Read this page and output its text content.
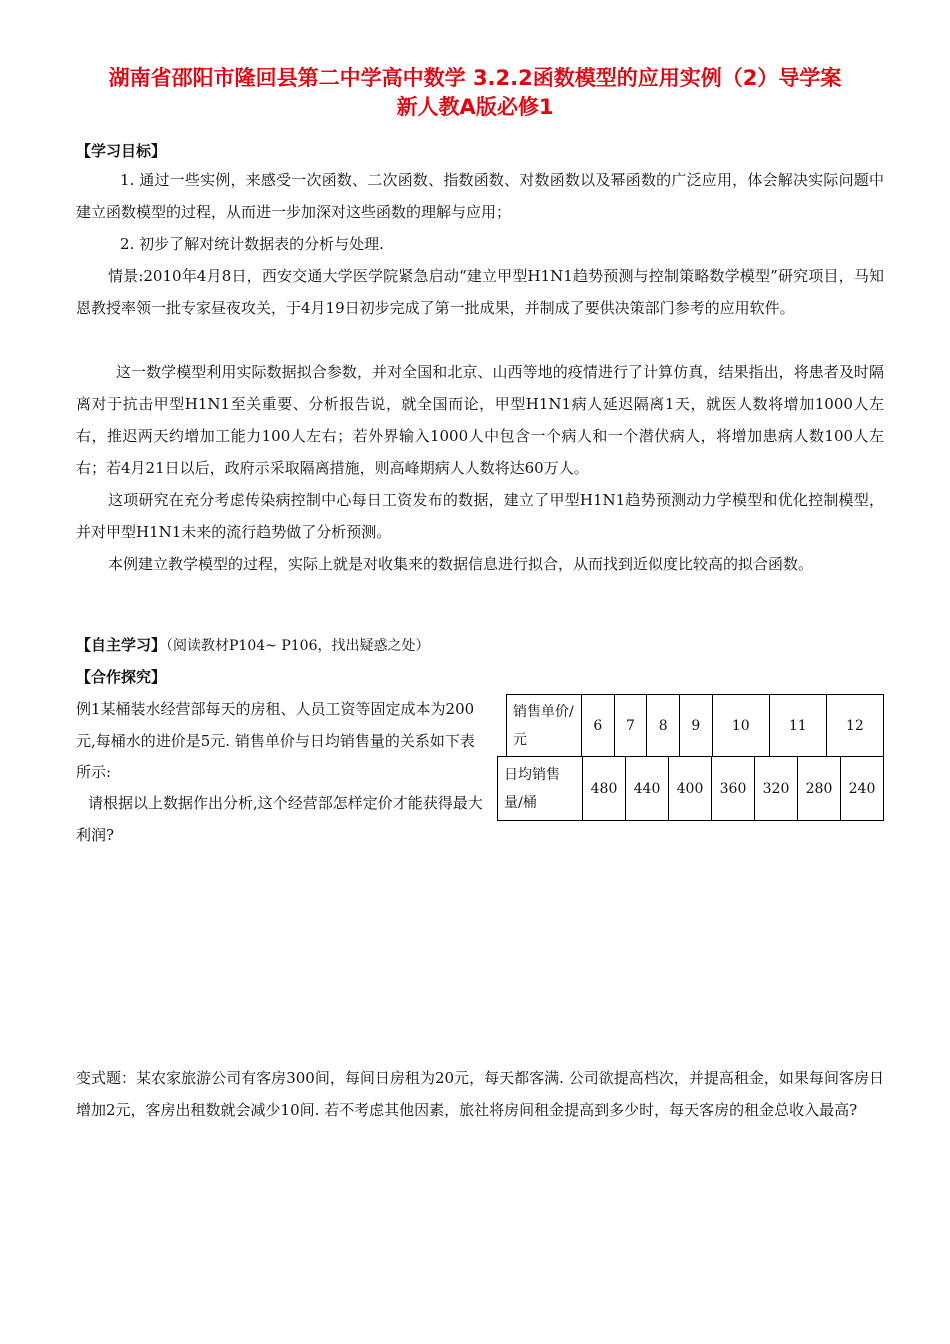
湖南省邵阳市隆回县第二中学高中数学 3.2.2函数模型的应用实例（2）导学案
新人教A版必修1
【学习目标】
1. 通过一些实例，来感受一次函数、二次函数、指数函数、对数函数以及幂函数的广泛应用，体会解决实际问题中建立函数模型的过程，从而进一步加深对这些函数的理解与应用；
2. 初步了解对统计数据表的分析与处理.
情景:2010年4月8日，西安交通大学医学院紧急启动“建立甲型H1N1趋势预测与控制策略数学模型”研究项目，马知恩教授率领一批专家昼夜攻关，于4月19日初步完成了第一批成果，并制成了要供决策部门参考的应用软件。
这一数学模型利用实际数据拟合参数，并对全国和北京、山西等地的疫情进行了计算仿真，结果指出，将患者及时隔离对于抗击甲型H1N1至关重要、分析报告说，就全国而论，甲型H1N1病人延迟隔离1天，就医人数将增加1000人左右，推迟两天约增加工能力100人左右；若外界输入1000人中包含一个病人和一个潜伏病人，将增加患病人数100人左右；若4月21日以后，政府示采取隔离措施，则高峰期病人人数将达60万人。
这项研究在充分考虑传染病控制中心每日工资发布的数据，建立了甲型H1N1趋势预测动力学模型和优化控制模型，并对甲型H1N1未来的流行趋势做了分析预测。
本例建立教学模型的过程，实际上就是对收集来的数据信息进行拟合，从而找到近似度比较高的拟合函数。
【自主学习】（阅读教材P104~ P106，找出疑惑之处）
【合作探究】
例1某桶装水经营部每天的房租、人员工资等固定成本为200元,每桶水的进价是5元. 销售单价与日均销售量的关系如下表所示:
请根据以上数据作出分析,这个经营部怎样定价才能获得最大利润?
销售单价/元	6	7	8	9	10	11	12
日均销售量/桶	480	440	400	360	320	280	240
变式题：某农家旅游公司有客房300间，每间日房租为20元，每天都客满. 公司欲提高档次，并提高租金，如果每间客房日增加2元，客房出租数就会减少10间. 若不考虑其他因素，旅社将房间租金提高到多少时，每天客房的租金总收入最高?
